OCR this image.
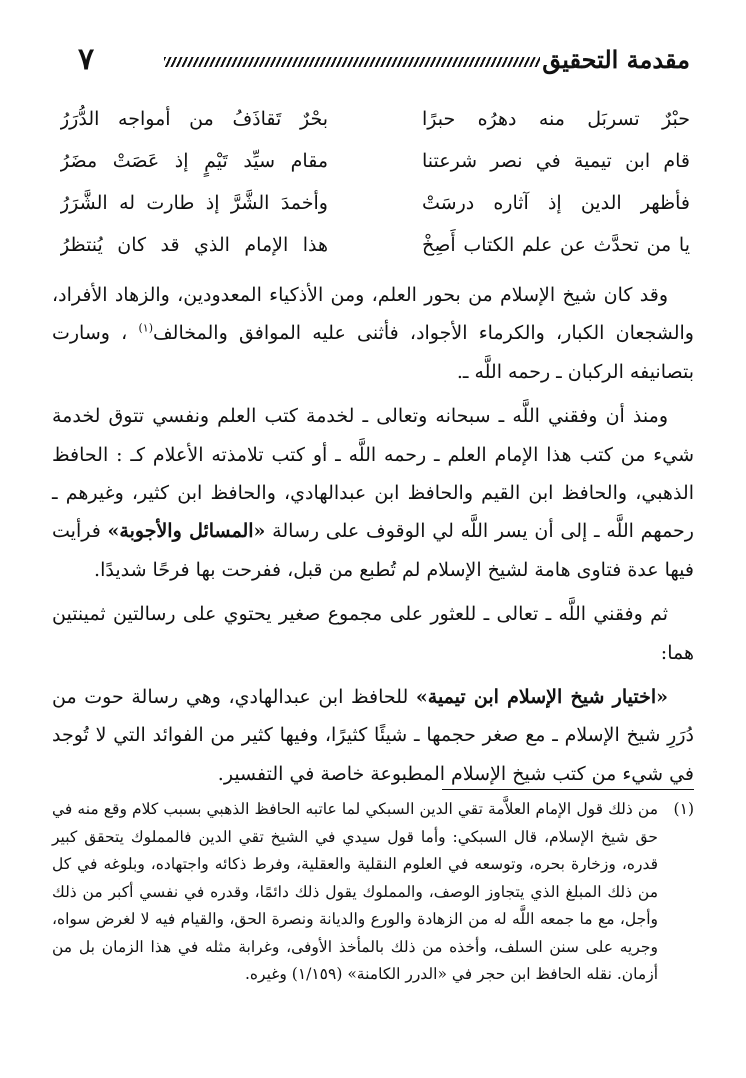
٧	مقدمة التحقيق
حبْرٌ تسربَل منه دهرُه حبرًا
بحْرٌ تَقاذَفُ من أمواجه الدُّرَرُ
قام ابن تيمية في نصر شرعتنا
مقام سيِّد تَيْمٍ إذ عَصَتْ مضَرُ
فأظهر الدين إذ آثاره درسَتْ
وأخمدَ الشَّرَّ إذ طارت له الشَّرَرُ
يا من تحدَّث عن علم الكتاب أَصِخْ
هذا الإمام الذي قد كان يُنتظرُ

وقد كان شيخ الإسلام من بحور العلم، ومن الأذكياء المعدودين، والزهاد الأفراد، والشجعان الكبار، والكرماء الأجواد، فأثنى عليه الموافق والمخالف$^{(١)}$ ، وسارت بتصانيفه الركبان ـ رحمه اللَّه ـ.

ومنذ أن وفقني اللَّه ـ سبحانه وتعالى ـ لخدمة كتب العلم ونفسي تتوق لخدمة شيء من كتب هذا الإمام العلم ـ رحمه اللَّه ـ أو كتب تلامذته الأعلام كـ : الحافظ الذهبي، والحافظ ابن القيم والحافظ ابن عبدالهادي، والحافظ ابن كثير، وغيرهم ـ رحمهم اللَّه ـ إلى أن يسر اللَّه لي الوقوف على رسالة «المسائل والأجوبة» فرأيت فيها عدة فتاوى هامة لشيخ الإسلام لم تُطبع من قبل، ففرحت بها فرحًا شديدًا.

ثم وفقني اللَّه ـ تعالى ـ للعثور على مجموع صغير يحتوي على رسالتين ثمينتين هما:

«اختيار شيخ الإسلام ابن تيمية» للحافظ ابن عبدالهادي، وهي رسالة حوت من دُرَرِ شيخ الإسلام ـ مع صغر حجمها ـ شيئًا كثيرًا، وفيها كثير من الفوائد التي لا تُوجد في شيء من كتب شيخ الإسلام المطبوعة خاصة في التفسير.

(١)
من ذلك قول الإمام العلاَّمة تقي الدين السبكي لما عاتبه الحافظ الذهبي بسبب كلام وقع منه في حق شيخ الإسلام، قال السبكي: وأما قول سيدي في الشيخ تقي الدين فالمملوك يتحقق كبير قدره، وزخارة بحره، وتوسعه في العلوم النقلية والعقلية، وفرط ذكائه واجتهاده، وبلوغه في كل من ذلك المبلغ الذي يتجاوز الوصف، والمملوك يقول ذلك دائمًا، وقدره في نفسي أكبر من ذلك وأجل، مع ما جمعه اللَّه له من الزهادة والورع والديانة ونصرة الحق، والقيام فيه لا لغرض سواه، وجريه على سنن السلف، وأخذه من ذلك بالمأخذ الأوفى، وغرابة مثله في هذا الزمان بل من أزمان. نقله الحافظ ابن حجر في «الدرر الكامنة» (١/١٥٩) وغيره.
